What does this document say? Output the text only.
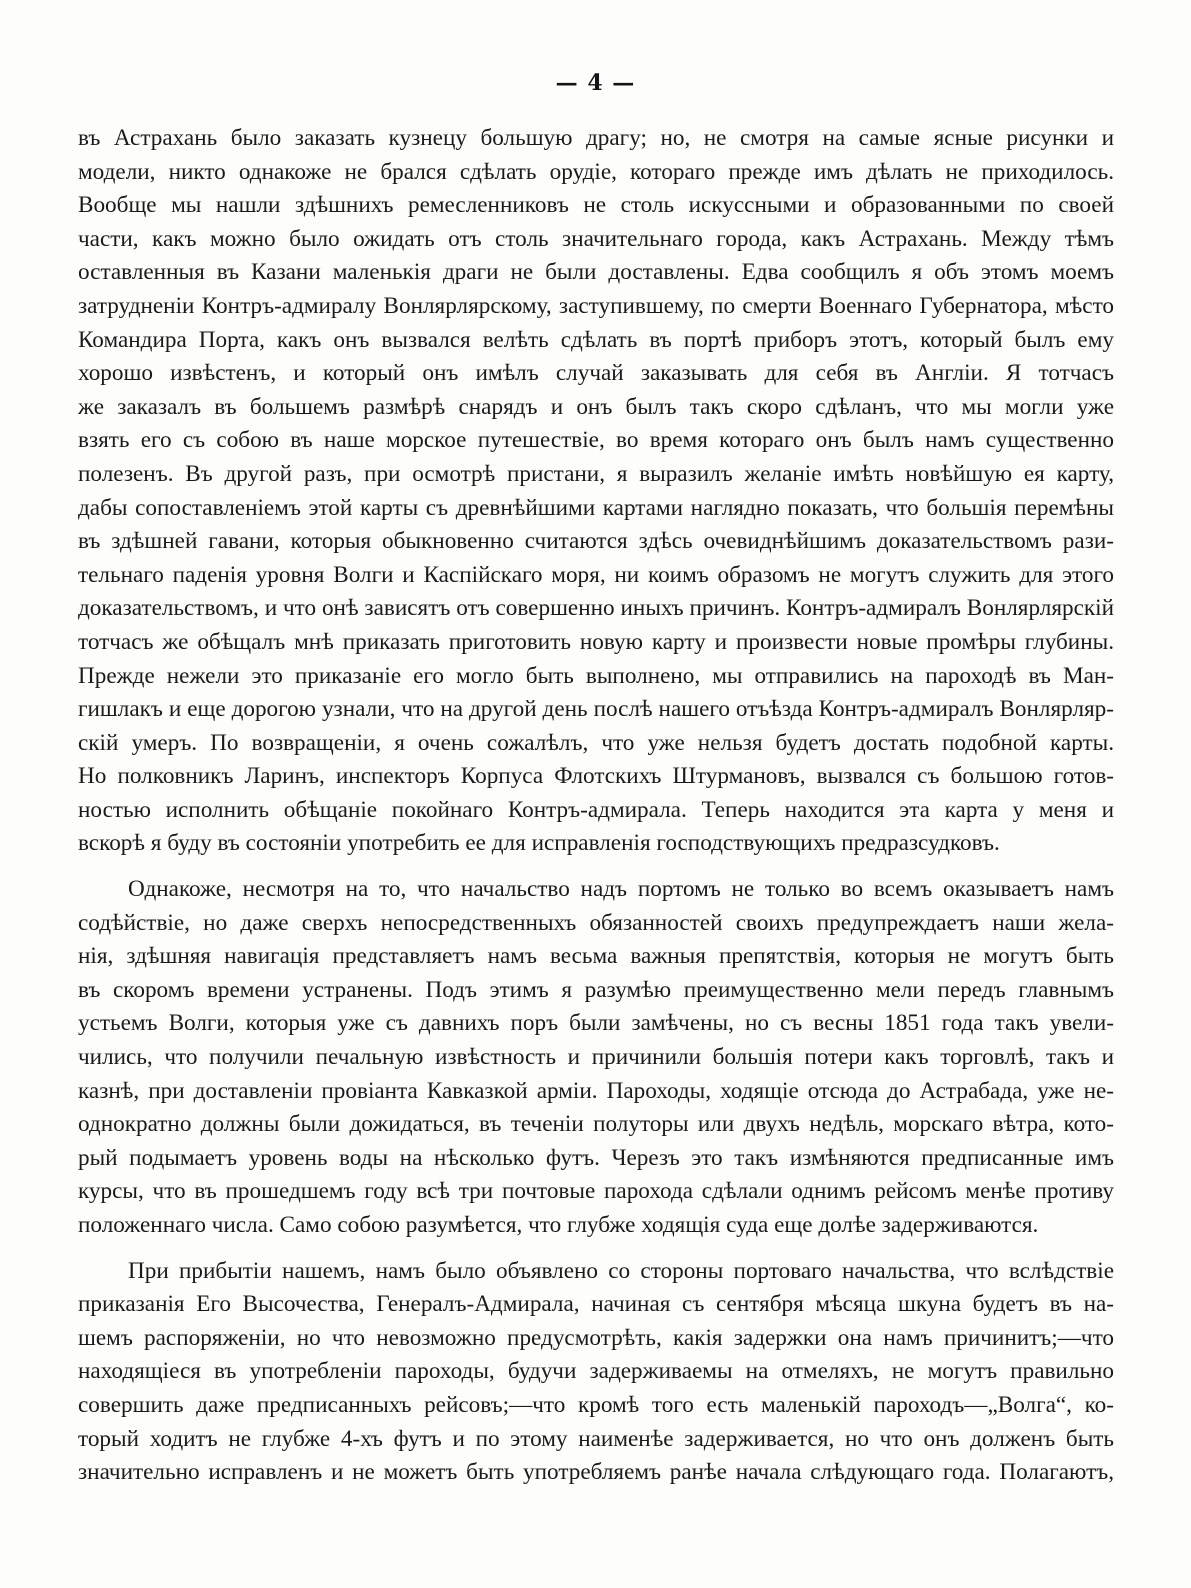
— 4 —
въ Астрахань было заказать кузнецу большую драгу; но, не смотря на самые ясные рисунки и
модели, никто однакоже не брался сдѣлать орудіе, котораго прежде имъ дѣлать не приходилось.
Вообще мы нашли здѣшнихъ ремесленниковъ не столь искуссными и образованными по своей
части, какъ можно было ожидать отъ столь значительнаго города, какъ Астрахань. Между тѣмъ
оставленныя въ Казани маленькія драги не были доставлены. Едва сообщилъ я объ этомъ моемъ
затрудненіи Контръ-адмиралу Вонлярлярскому, заступившему, по смерти Военнаго Губернатора, мѣсто
Командира Порта, какъ онъ вызвался велѣть сдѣлать въ портѣ приборъ этотъ, который былъ ему
хорошо извѣстенъ, и который онъ имѣлъ случай заказывать для себя въ Англіи. Я тотчасъ
же заказалъ въ большемъ размѣрѣ снарядъ и онъ былъ такъ скоро сдѣланъ, что мы могли уже
взять его съ собою въ наше морское путешествіе, во время котораго онъ былъ намъ существенно
полезенъ. Въ другой разъ, при осмотрѣ пристани, я выразилъ желаніе имѣть новѣйшую ея карту,
дабы сопоставленіемъ этой карты съ древнѣйшими картами наглядно показать, что большія перемѣны
въ здѣшней гавани, которыя обыкновенно считаются здѣсь очевиднѣйшимъ доказательствомъ рази-
тельнаго паденія уровня Волги и Каспійскаго моря, ни коимъ образомъ не могутъ служить для этого
доказательствомъ, и что онѣ зависятъ отъ совершенно иныхъ причинъ. Контръ-адмиралъ Вонлярлярскій
тотчасъ же обѣщалъ мнѣ приказать приготовить новую карту и произвести новые промѣры глубины.
Прежде нежели это приказаніе его могло быть выполнено, мы отправились на пароходѣ въ Ман-
гишлакъ и еще дорогою узнали, что на другой день послѣ нашего отъѣзда Контръ-адмиралъ Вонлярляр-
скій умеръ. По возвращеніи, я очень сожалѣлъ, что уже нельзя будетъ достать подобной карты.
Но полковникъ Ларинъ, инспекторъ Корпуса Флотскихъ Штурмановъ, вызвался съ большою готов-
ностью исполнить обѣщаніе покойнаго Контръ-адмирала. Теперь находится эта карта у меня и
вскорѣ я буду въ состояніи употребить ее для исправленія господствующихъ предразсудковъ.
Однакоже, несмотря на то, что начальство надъ портомъ не только во всемъ оказываетъ намъ
содѣйствіе, но даже сверхъ непосредственныхъ обязанностей своихъ предупреждаетъ наши жела-
нія, здѣшняя навигація представляетъ намъ весьма важныя препятствія, которыя не могутъ быть
въ скоромъ времени устранены. Подъ этимъ я разумѣю преимущественно мели передъ главнымъ
устьемъ Волги, которыя уже съ давнихъ поръ были замѣчены, но съ весны 1851 года такъ увели-
чились, что получили печальную извѣстность и причинили большія потери какъ торговлѣ, такъ и
казнѣ, при доставленіи провіанта Кавказкой арміи. Пароходы, ходящіе отсюда до Астрабада, уже не-
однократно должны были дожидаться, въ теченіи полуторы или двухъ недѣль, морскаго вѣтра, кото-
рый подымаетъ уровень воды на нѣсколько футъ. Черезъ это такъ измѣняются предписанные имъ
курсы, что въ прошедшемъ году всѣ три почтовые парохода сдѣлали однимъ рейсомъ менѣе противу
положеннаго числа. Само собою разумѣется, что глубже ходящія суда еще долѣе задерживаются.
При прибытіи нашемъ, намъ было объявлено со стороны портоваго начальства, что вслѣдствіе
приказанія Его Высочества, Генералъ-Адмирала, начиная съ сентября мѣсяца шкуна будетъ въ на-
шемъ распоряженіи, но что невозможно предусмотрѣть, какія задержки она намъ причинитъ;—что
находящіеся въ употребленіи пароходы, будучи задерживаемы на отмеляхъ, не могутъ правильно
совершить даже предписанныхъ рейсовъ;—что кромѣ того есть маленькій пароходъ—„Волга“, ко-
торый ходитъ не глубже 4-хъ футъ и по этому наименѣе задерживается, но что онъ долженъ быть
значительно исправленъ и не можетъ быть употребляемъ ранѣе начала слѣдующаго года. Полагаютъ,
